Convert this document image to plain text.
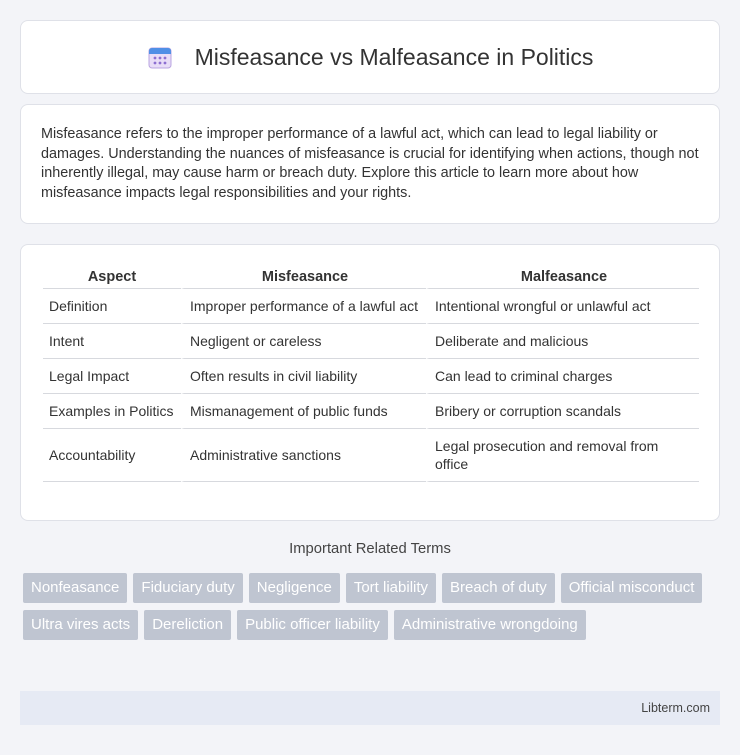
Misfeasance vs Malfeasance in Politics

Misfeasance refers to the improper performance of a lawful act, which can lead to legal liability or damages. Understanding the nuances of misfeasance is crucial for identifying when actions, though not inherently illegal, may cause harm or breach duty. Explore this article to learn more about how misfeasance impacts legal responsibilities and your rights.

Aspect	Misfeasance	Malfeasance
Definition	Improper performance of a lawful act	Intentional wrongful or unlawful act
Intent	Negligent or careless	Deliberate and malicious
Legal Impact	Often results in civil liability	Can lead to criminal charges
Examples in Politics	Mismanagement of public funds	Bribery or corruption scandals
Accountability	Administrative sanctions	Legal prosecution and removal from office
Important Related Terms
Nonfeasance	Fiduciary duty	Negligence	Tort liability	Breach of duty	Official misconduct
Ultra vires acts	Dereliction	Public officer liability	Administrative wrongdoing
Libterm.com
